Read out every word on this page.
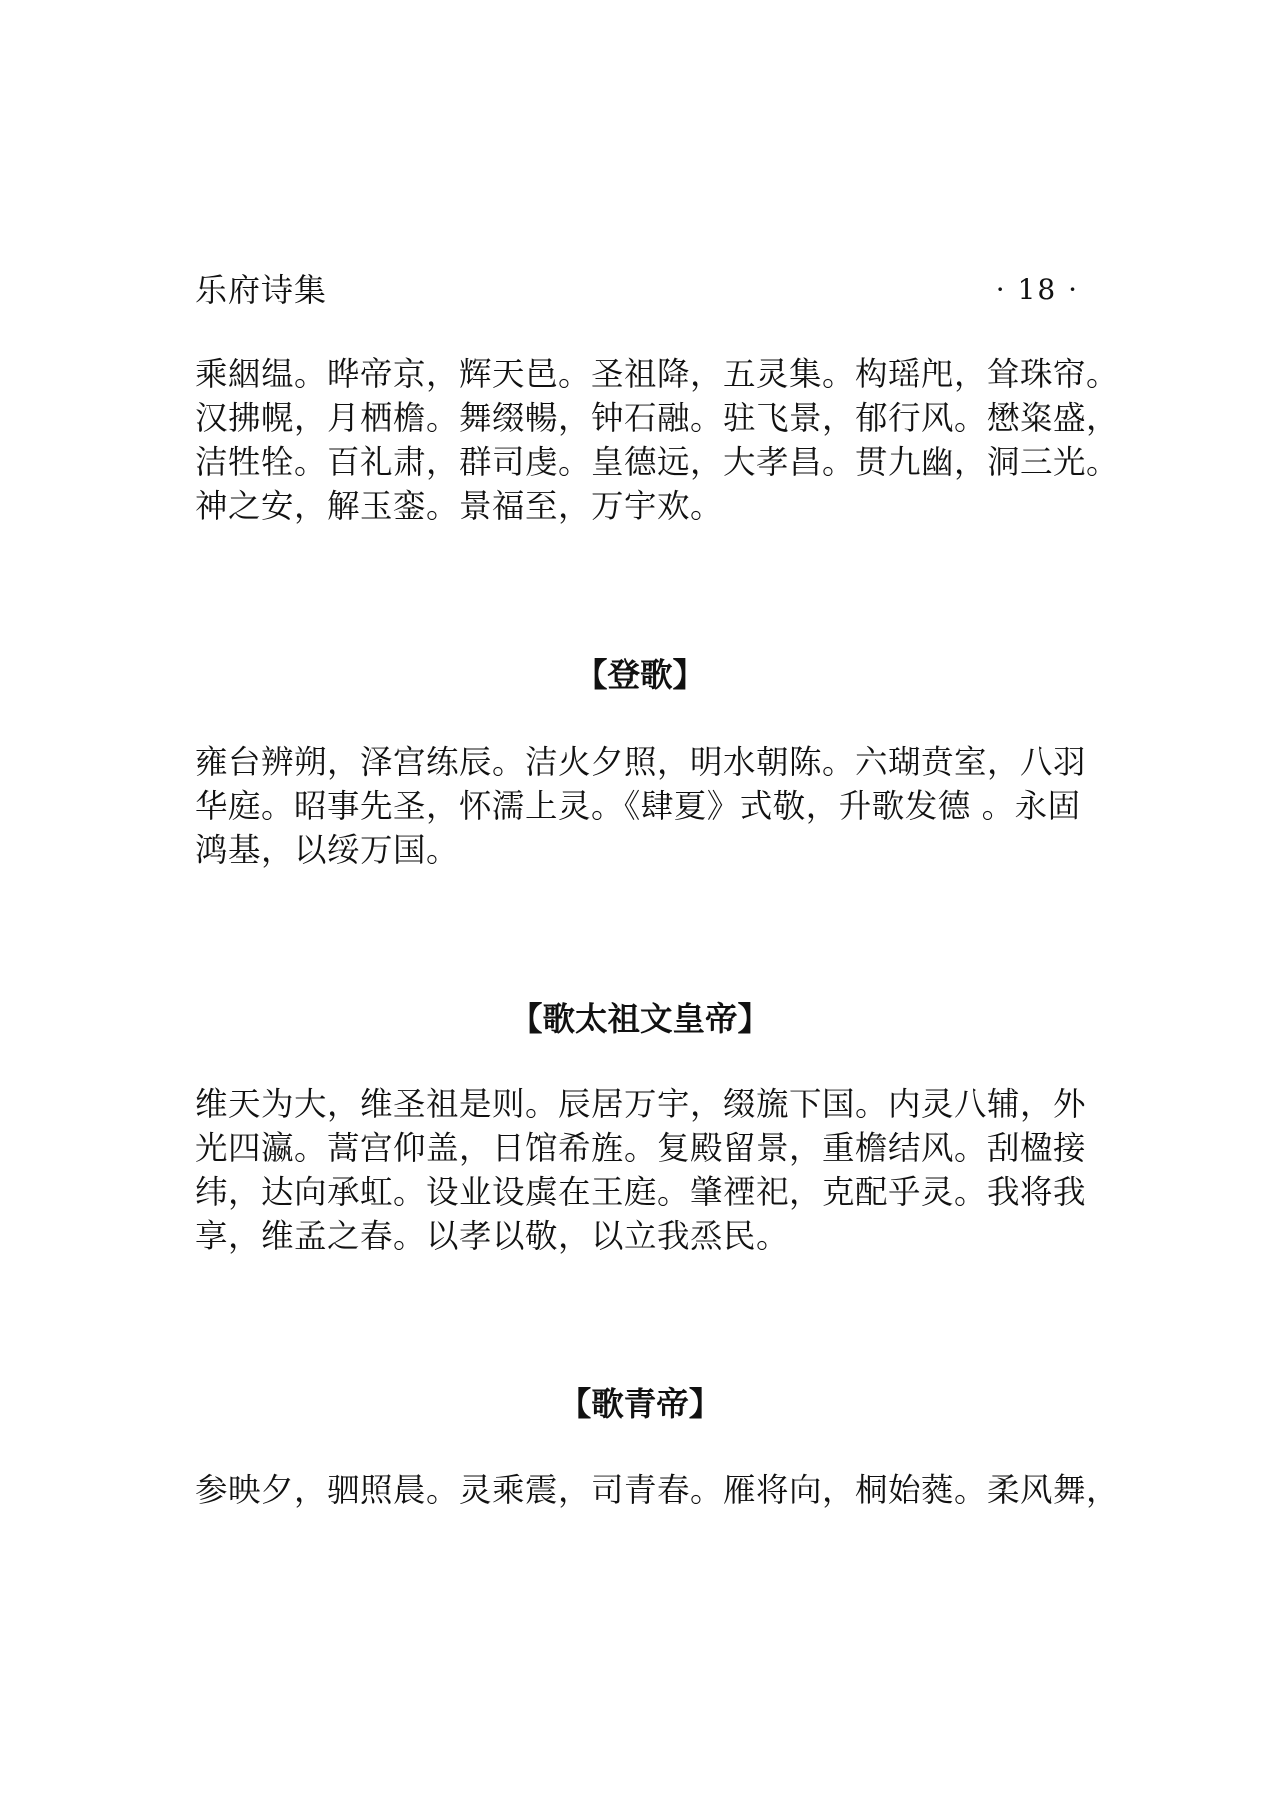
乐府诗集	· 18 ·

乘絪缊。晔帝京，辉天邑。圣祖降，五灵集。构瑶戺，耸珠帘。汉拂幌，月栖檐。舞缀暢，钟石融。驻飞景，郁行风。懋粢盛，洁牲牷。百礼肃，群司虔。皇德远，大孝昌。贯九幽，洞三光。神之安，解玉銮。景福至，万宇欢。

【登歌】

雍台辨朔，泽宫练辰。洁火夕照，明水朝陈。六瑚贲室，八羽华庭。昭事先圣，怀濡上灵。《肆夏》式敬，升歌发德 。永固鸿基，以绥万国。

【歌太祖文皇帝】

维天为大，维圣祖是则。辰居万宇，缀旒下国。内灵八辅，外光四瀛。蒿宫仰盖，日馆希旌。复殿留景，重檐结风。刮楹接纬，达向承虹。设业设虡在王庭。肇禋祀，克配乎灵。我将我享，维孟之春。以孝以敬，以立我烝民。

【歌青帝】

参映夕，驷照晨。灵乘震，司青春。雁将向，桐始蕤。柔风舞，
